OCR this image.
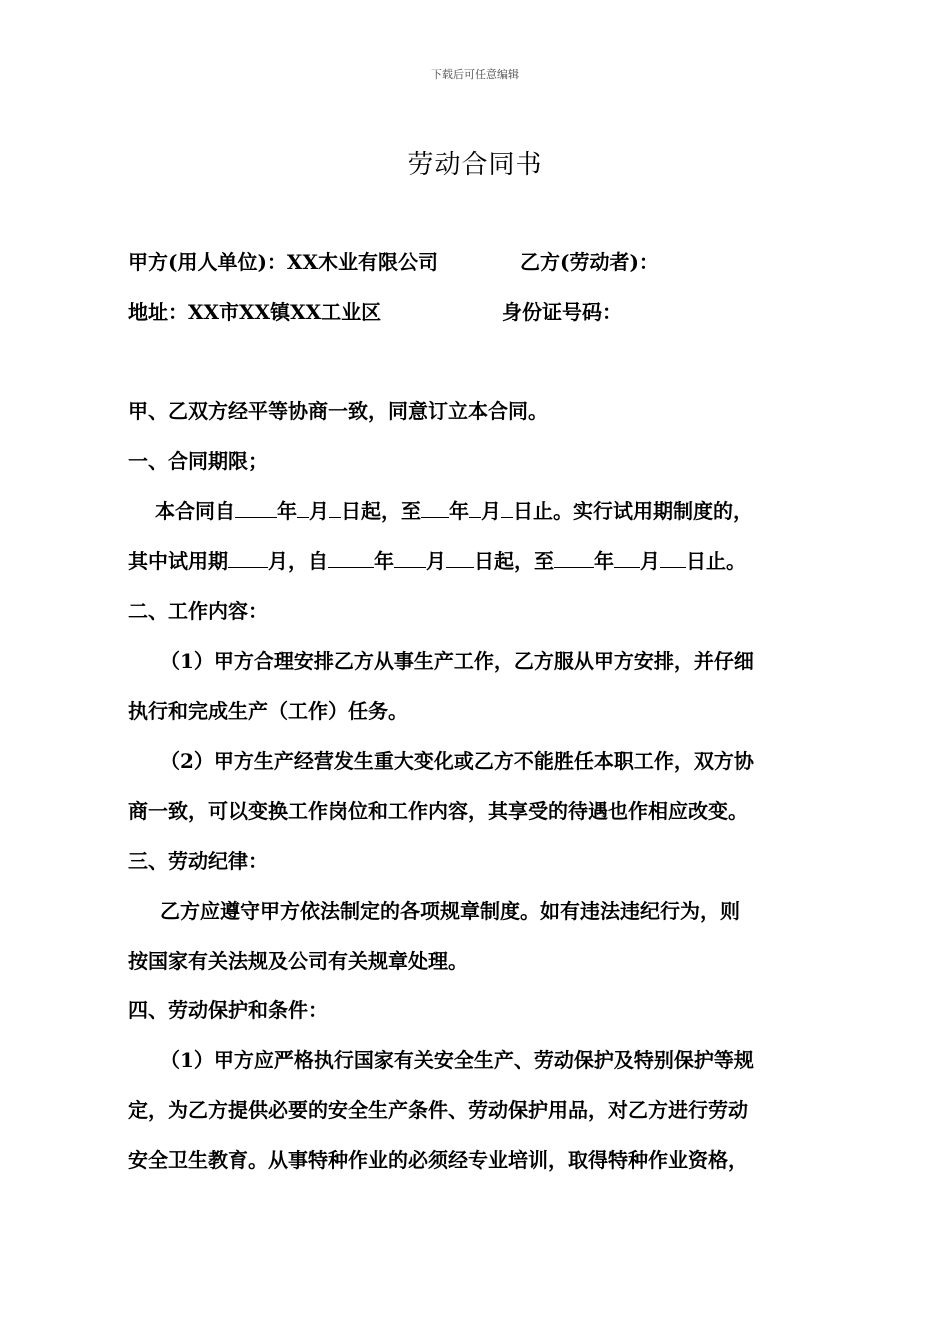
下载后可任意编辑
劳动合同书
甲方(用人单位)：XX木业有限公司	乙方(劳动者)：
地址：XX市XX镇XX工业区	身份证号码：
甲、乙双方经平等协商一致，同意订立本合同。
一、合同期限；
本合同自 年 月 日起，至 年 月 日止。实行试用期制度的，
其中试用期 月，自 年 月 日起，至 年 月 日止。
二、工作内容：
（1）甲方合理安排乙方从事生产工作，乙方服从甲方安排，并仔细
执行和完成生产（工作）任务。
（2）甲方生产经营发生重大变化或乙方不能胜任本职工作，双方协
商一致，可以变换工作岗位和工作内容，其享受的待遇也作相应改变。
三、劳动纪律：
乙方应遵守甲方依法制定的各项规章制度。如有违法违纪行为，则
按国家有关法规及公司有关规章处理。
四、劳动保护和条件：
（1）甲方应严格执行国家有关安全生产、劳动保护及特别保护等规
定，为乙方提供必要的安全生产条件、劳动保护用品，对乙方进行劳动
安全卫生教育。从事特种作业的必须经专业培训，取得特种作业资格，
